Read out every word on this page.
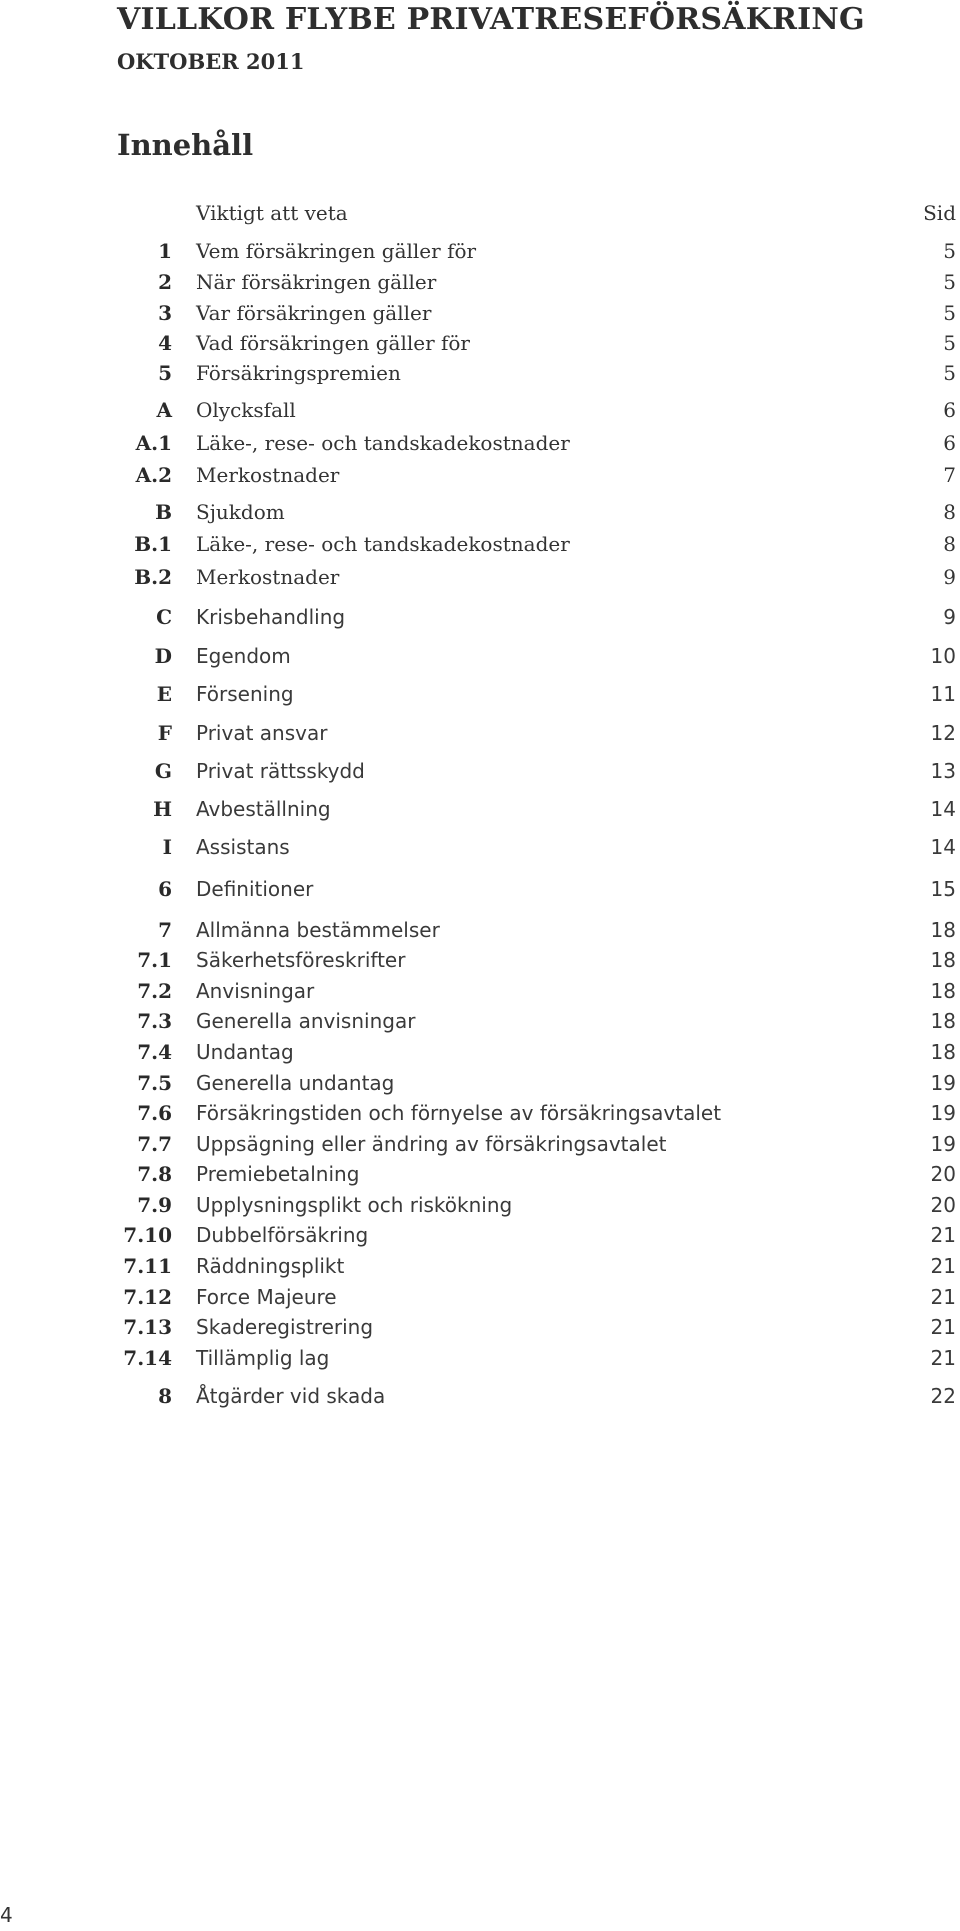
VILLKOR FLYBE PRIVATRESEFÖRSÄKRING
OKTOBER 2011
Innehåll
Viktigt att veta	Sid
1	Vem försäkringen gäller för	5
2	När försäkringen gäller	5
3	Var försäkringen gäller	5
4	Vad försäkringen gäller för	5
5	Försäkringspremien	5
A	Olycksfall	6
A.1	Läke-, rese- och tandskadekostnader	6
A.2	Merkostnader	7
B	Sjukdom	8
B.1	Läke-, rese- och tandskadekostnader	8
B.2	Merkostnader	9
C	Krisbehandling	9
D	Egendom	10
E	Försening	11
F	Privat ansvar	12
G	Privat rättsskydd	13
H	Avbeställning	14
I	Assistans	14
6	Definitioner	15
7	Allmänna bestämmelser	18
7.1	Säkerhetsföreskrifter	18
7.2	Anvisningar	18
7.3	Generella anvisningar	18
7.4	Undantag	18
7.5	Generella undantag	19
7.6	Försäkringstiden och förnyelse av försäkringsavtalet	19
7.7	Uppsägning eller ändring av försäkringsavtalet	19
7.8	Premiebetalning	20
7.9	Upplysningsplikt och riskökning	20
7.10	Dubbelförsäkring	21
7.11	Räddningsplikt	21
7.12	Force Majeure	21
7.13	Skaderegistrering	21
7.14	Tillämplig lag	21
8	Åtgärder vid skada	22
4
